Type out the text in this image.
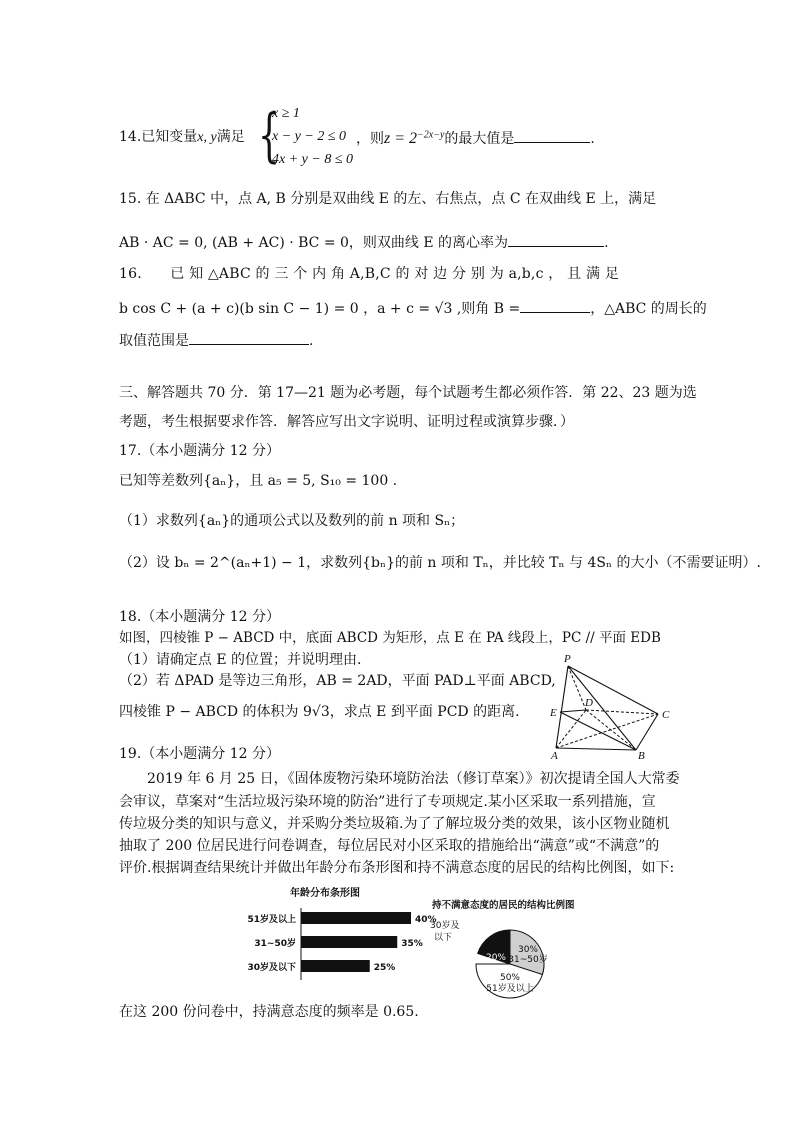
14.已知变量x, y满足 {
x ≥ 1
x − y − 2 ≤ 0
4x + y − 8 ≤ 0
，则$z = 2^{-2x-y}$的最大值是	.
15. 在 ΔABC 中，点 A, B 分别是双曲线 E 的左、右焦点，点 C 在双曲线 E 上，满足
AB · AC = 0, (AB + AC) · BC = 0，则双曲线 E 的离心率为	.
16.　　已 知 △ABC 的 三 个 内 角 A,B,C 的 对 边 分 别 为 a,b,c ， 且 满 足
b cos C + (a + c)(b sin C − 1) = 0 ，a + c = √3 ,则角 B =	，△ABC 的周长的
取值范围是	.
三、解答题共 70 分．第 17—21 题为必考题，每个试题考生都必须作答．第 22、23 题为选
考题，考生根据要求作答．解答应写出文字说明、证明过程或演算步骤．）
17.（本小题满分 12 分）
已知等差数列{aₙ}，且 a₅ = 5, S₁₀ = 100 .
（1）求数列{aₙ}的通项公式以及数列的前 n 项和 Sₙ；
（2）设 bₙ = 2^(aₙ+1) − 1，求数列{bₙ}的前 n 项和 Tₙ，并比较 Tₙ 与 4Sₙ 的大小（不需要证明）.
18.（本小题满分 12 分）
如图，四棱锥 P − ABCD 中，底面 ABCD 为矩形，点 E 在 PA 线段上，PC // 平面 EDB
（1）请确定点 E 的位置；并说明理由.
（2）若 ΔPAD 是等边三角形，AB = 2AD，平面 PAD⊥平面 ABCD,
四棱锥 P − ABCD 的体积为 9√3，求点 E 到平面 PCD 的距离.
P
D
E	C
A	B
19.（本小题满分 12 分）
2019 年 6 月 25 日，《固体废物污染环境防治法（修订草案）》初次提请全国人大常委
会审议，草案对“生活垃圾污染环境的防治”进行了专项规定.某小区采取一系列措施，宣
传垃圾分类的知识与意义，并采购分类垃圾箱.为了了解垃圾分类的效果，该小区物业随机
抽取了 200 位居民进行问卷调查，每位居民对小区采取的措施给出“满意”或“不满意”的
评价.根据调查结果统计并做出年龄分布条形图和持不满意态度的居民的结构比例图，如下:
年龄分布条形图
51岁及以上	40%
31~50岁	35%
30岁及以下	25%
持不满意态度的居民的结构比例图
50%
51岁及以上
30%
31~50岁
20%
30岁及
以下
在这 200 份问卷中，持满意态度的频率是 0.65.
